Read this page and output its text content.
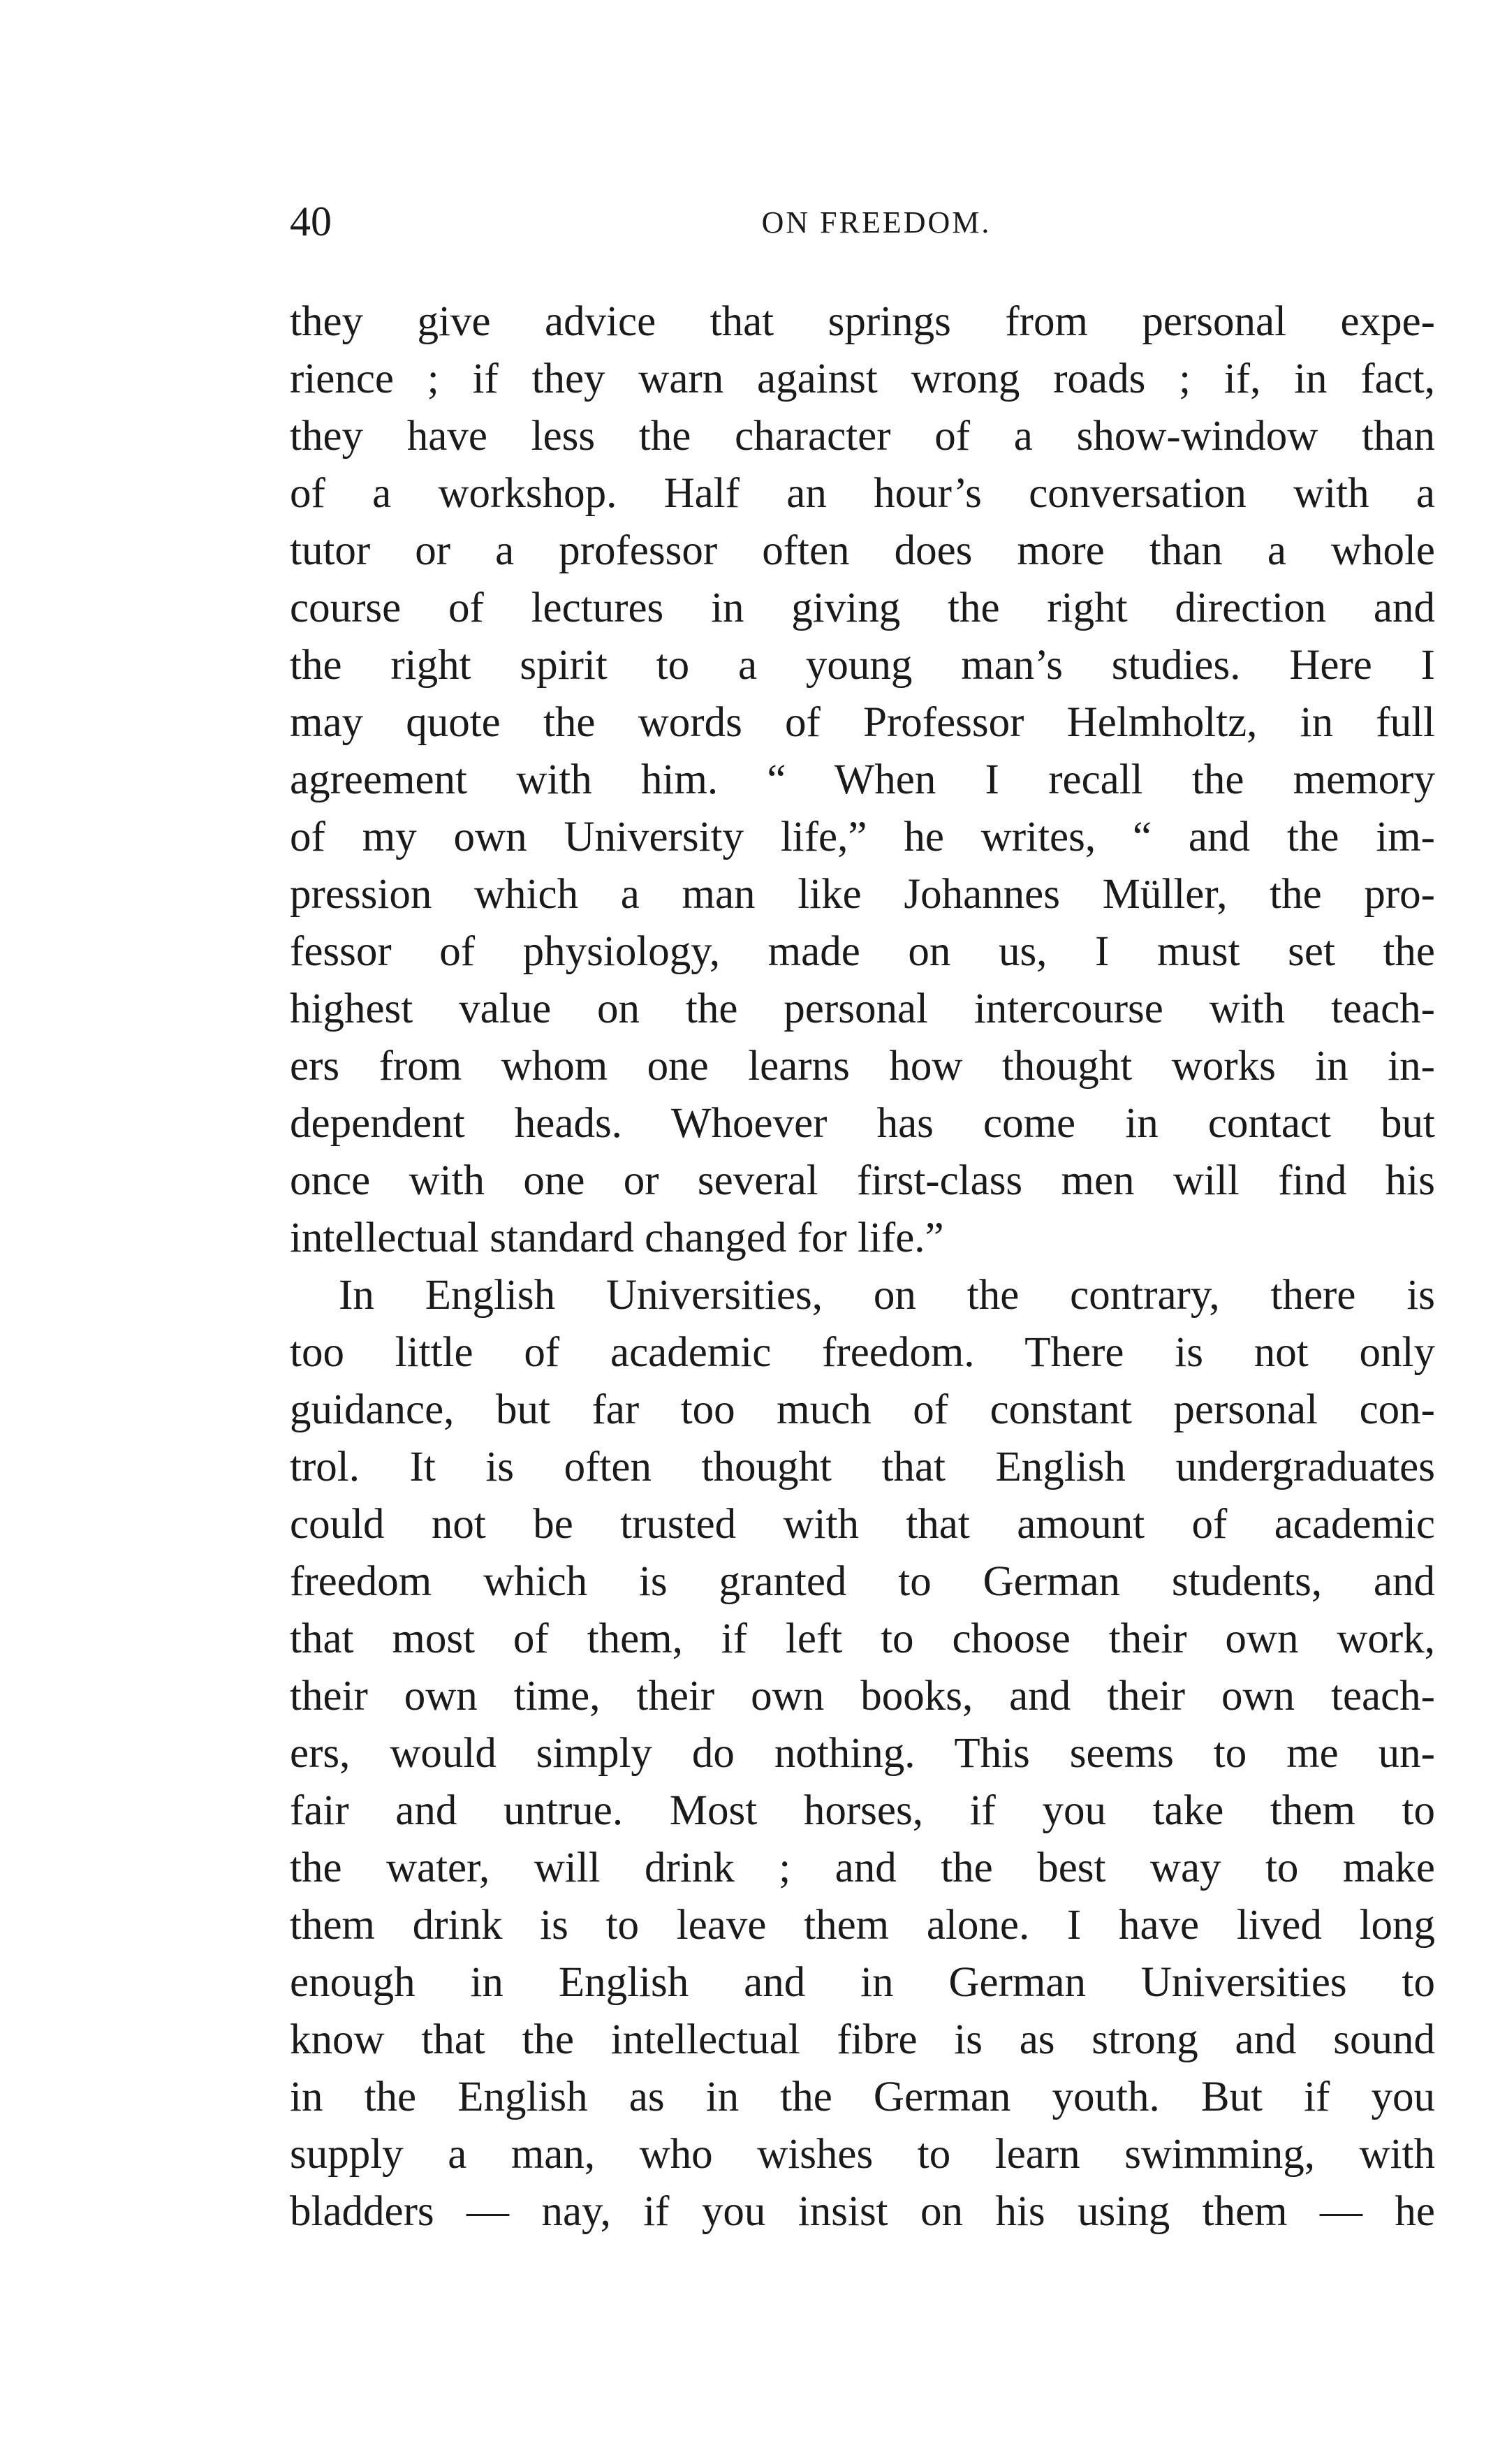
40	ON FREEDOM.
they give advice that springs from personal expe-
rience ; if they warn against wrong roads ; if, in fact,
they have less the character of a show-window than
of a workshop. Half an hour’s conversation with a
tutor or a professor often does more than a whole
course of lectures in giving the right direction and
the right spirit to a young man’s studies. Here I
may quote the words of Professor Helmholtz, in full
agreement with him. “ When I recall the memory
of my own University life,” he writes, “ and the im-
pression which a man like Johannes Müller, the pro-
fessor of physiology, made on us, I must set the
highest value on the personal intercourse with teach-
ers from whom one learns how thought works in in-
dependent heads. Whoever has come in contact but
once with one or several first-class men will find his
intellectual standard changed for life.”
In English Universities, on the contrary, there is
too little of academic freedom. There is not only
guidance, but far too much of constant personal con-
trol. It is often thought that English undergraduates
could not be trusted with that amount of academic
freedom which is granted to German students, and
that most of them, if left to choose their own work,
their own time, their own books, and their own teach-
ers, would simply do nothing. This seems to me un-
fair and untrue. Most horses, if you take them to
the water, will drink ; and the best way to make
them drink is to leave them alone. I have lived long
enough in English and in German Universities to
know that the intellectual fibre is as strong and sound
in the English as in the German youth. But if you
supply a man, who wishes to learn swimming, with
bladders — nay, if you insist on his using them — he
